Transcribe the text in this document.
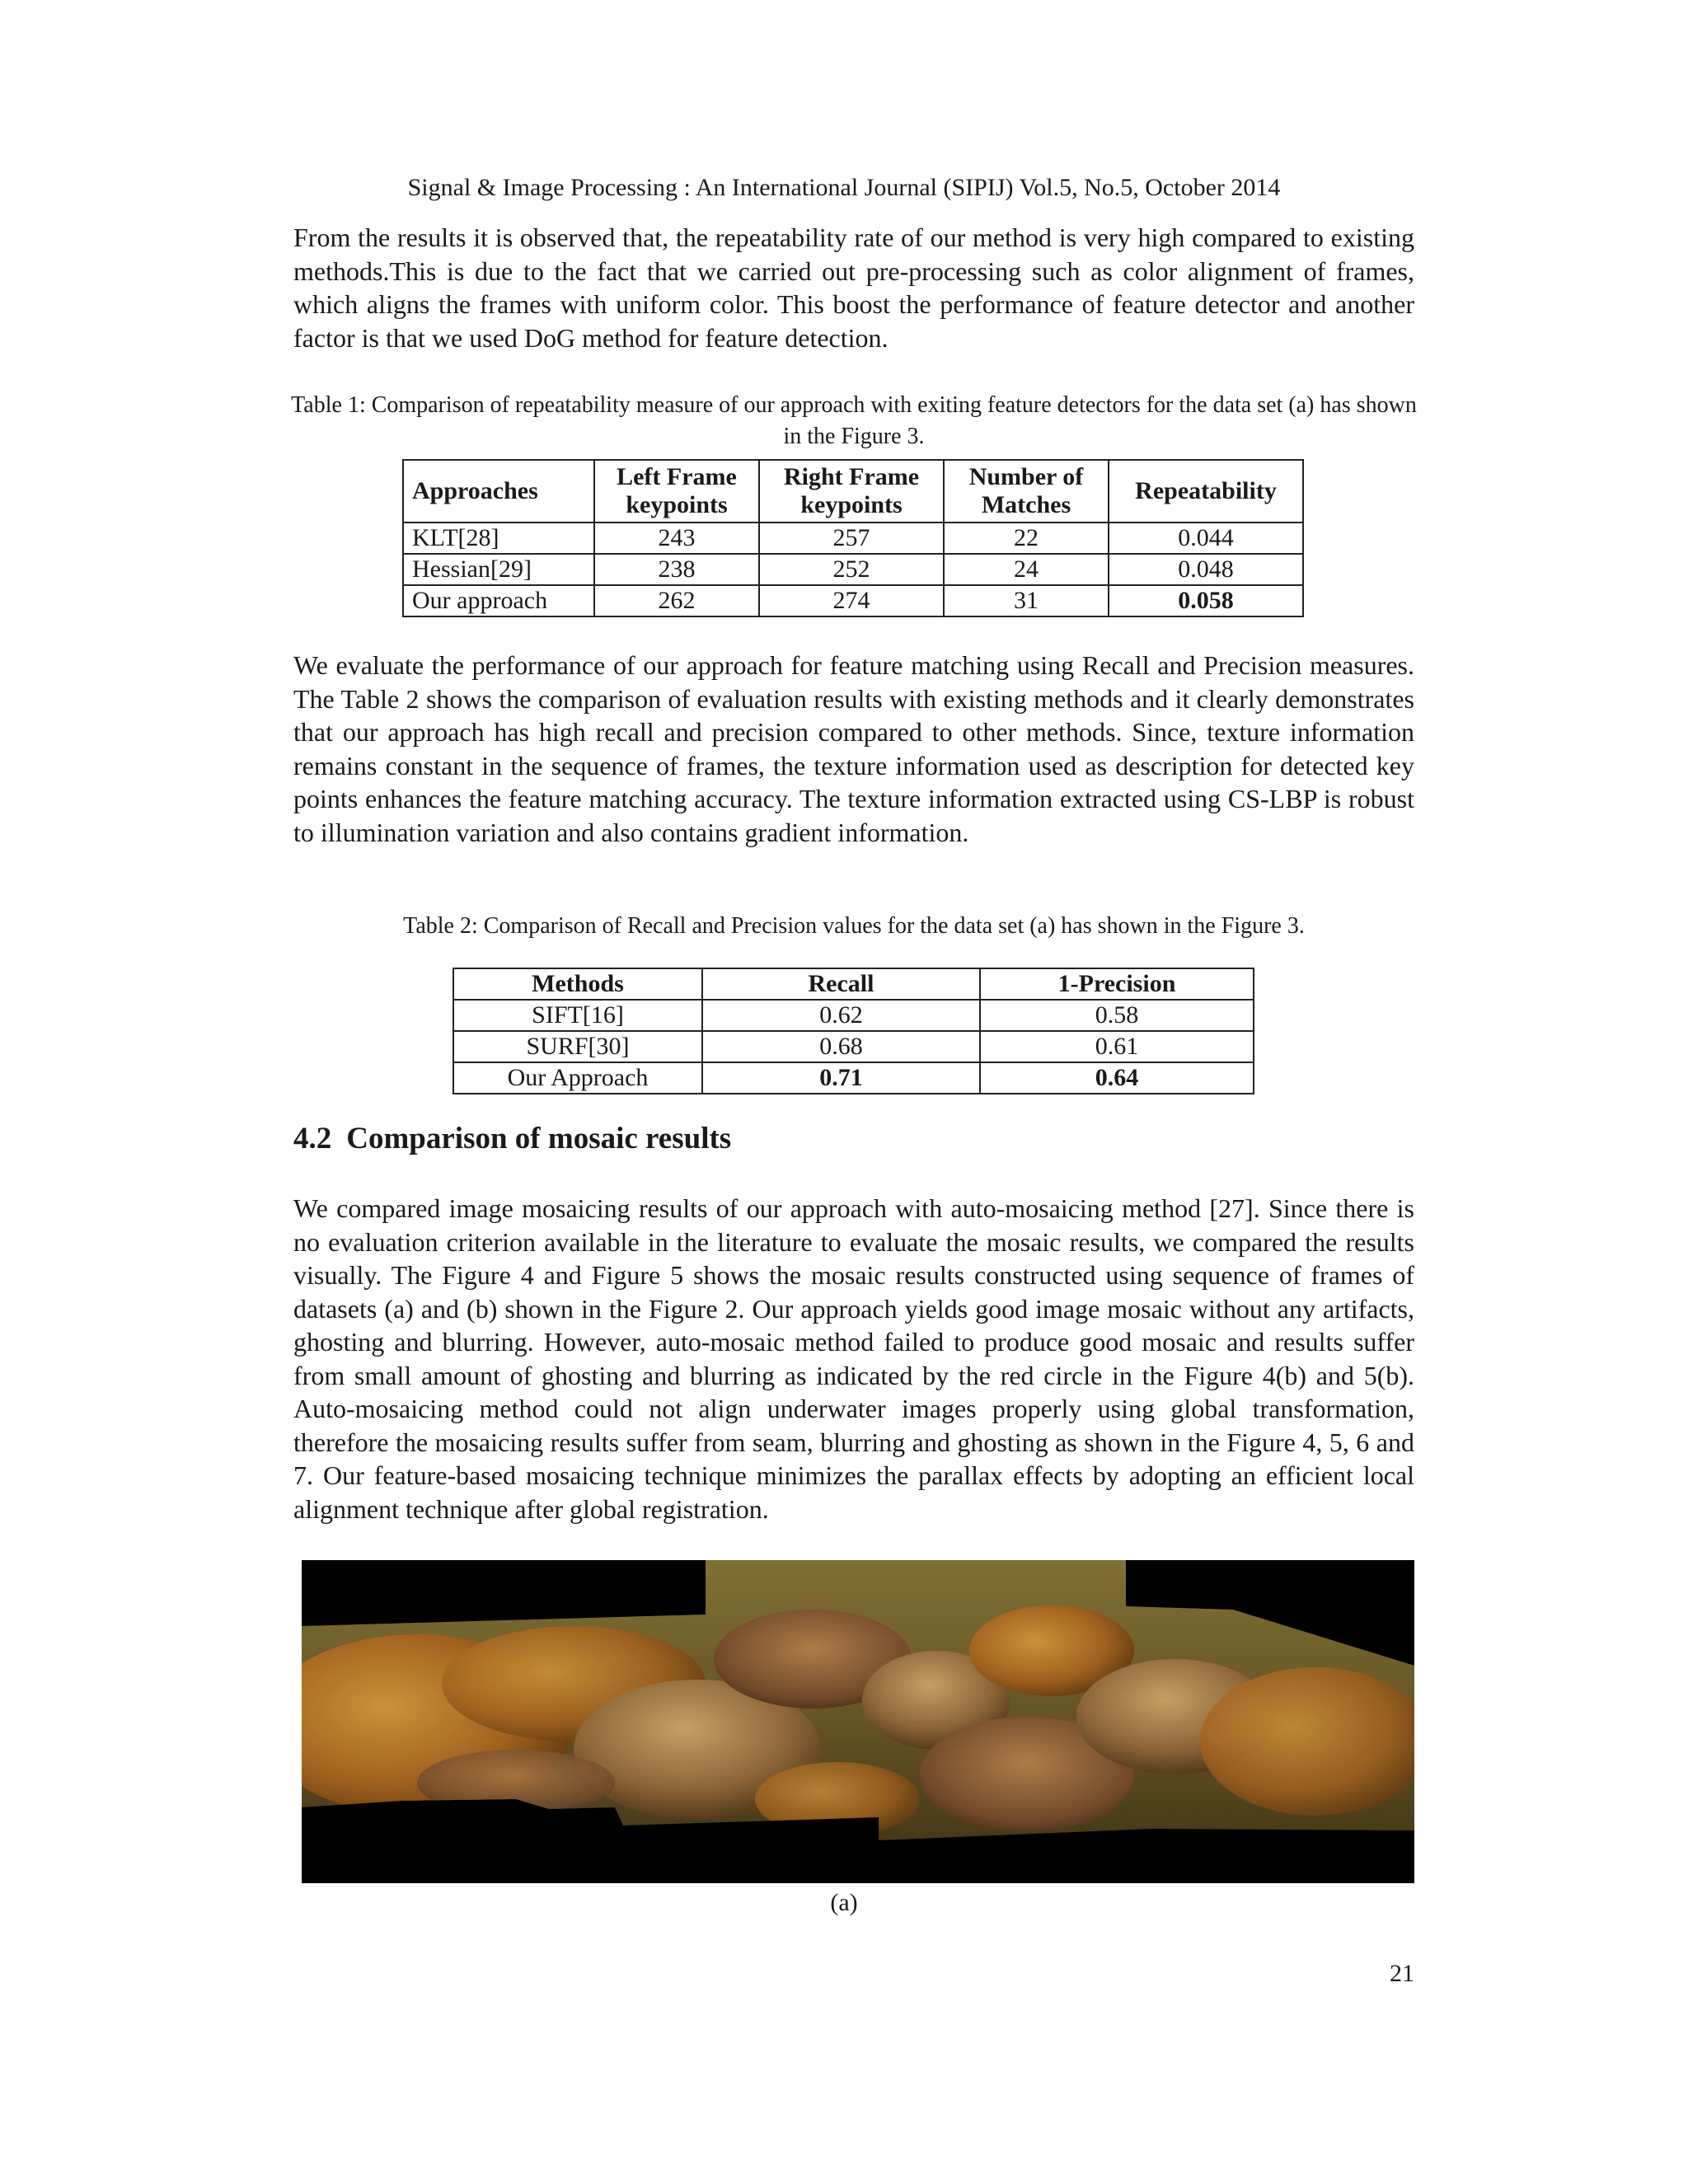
Signal & Image Processing : An International Journal (SIPIJ) Vol.5, No.5, October 2014

From the results it is observed that, the repeatability rate of our method is very high compared to existing methods.This is due to the fact that we carried out pre-processing such as color alignment of frames, which aligns the frames with uniform color. This boost the performance of feature detector and another factor is that we used DoG method for feature detection.

Table 1: Comparison of repeatability measure of our approach with exiting feature detectors for the data set (a) has shown in the Figure 3.
Approaches	Left Frame keypoints	Right Frame keypoints	Number of Matches	Repeatability
KLT[28]	243	257	22	0.044
Hessian[29]	238	252	24	0.048
Our approach	262	274	31	0.058

We evaluate the performance of our approach for feature matching using Recall and Precision measures. The Table 2 shows the comparison of evaluation results with existing methods and it clearly demonstrates that our approach has high recall and precision compared to other methods. Since, texture information remains constant in the sequence of frames, the texture information used as description for detected key points enhances the feature matching accuracy. The texture information extracted using CS-LBP is robust to illumination variation and also contains gradient information.

Table 2: Comparison of Recall and Precision values for the data set (a) has shown in the Figure 3.
Methods	Recall	1-Precision
SIFT[16]	0.62	0.58
SURF[30]	0.68	0.61
Our Approach	0.71	0.64
4.2 Comparison of mosaic results

We compared image mosaicing results of our approach with auto-mosaicing method [27]. Since there is no evaluation criterion available in the literature to evaluate the mosaic results, we compared the results visually. The Figure 4 and Figure 5 shows the mosaic results constructed using sequence of frames of datasets (a) and (b) shown in the Figure 2. Our approach yields good image mosaic without any artifacts, ghosting and blurring. However, auto-mosaic method failed to produce good mosaic and results suffer from small amount of ghosting and blurring as indicated by the red circle in the Figure 4(b) and 5(b). Auto-mosaicing method could not align underwater images properly using global transformation, therefore the mosaicing results suffer from seam, blurring and ghosting as shown in the Figure 4, 5, 6 and 7. Our feature-based mosaicing technique minimizes the parallax effects by adopting an efficient local alignment technique after global registration.

(a)
21
